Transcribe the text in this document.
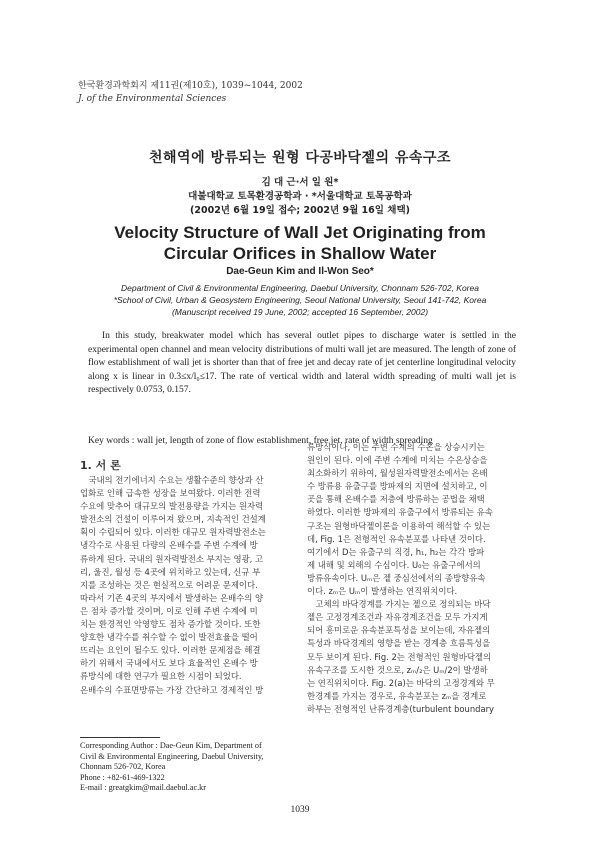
한국환경과학회지 제11권(제10호), 1039~1044, 2002
J. of the Environmental Sciences
천해역에 방류되는 원형 다공바닥젵의 유속구조
김 대 근·서 일 원*
대불대학교 토목환경공학과 · *서울대학교 토목공학과
(2002년 6월 19일 접수; 2002년 9월 16일 채택)
Velocity Structure of Wall Jet Originating from
Circular Orifices in Shallow Water
Dae-Geun Kim and Il-Won Seo*
Department of Civil & Environmental Engineering, Daebul University, Chonnam 526-702, Korea
*School of Civil, Urban & Geosystem Engineering, Seoul National University, Seoul 141-742, Korea
(Manuscript received 19 June, 2002; accepted 16 September, 2002)
In this study, breakwater model which has several outlet pipes to discharge water is settled in the experimental open channel and mean velocity distributions of multi wall jet are measured. The length of zone of flow establishment of wall jet is shorter than that of free jet and decay rate of jet centerline longitudinal velocity along x is linear in 0.3≤x/l₀≤17. The rate of vertical width and lateral width spreading of multi wall jet is respectively 0.0753, 0.157.
Key words : wall jet, length of zone of flow establishment, free jet, rate of width spreading
1. 서 론
　국내의 전기에너지 수요는 생활수준의 향상과 산
업화로 인해 급속한 성장을 보여왔다. 이러한 전력
수요에 맞추어 대규모의 발전용량을 가지는 원자력
발전소의 건설이 이루어져 왔으며, 지속적인 건설계
획이 수립되어 있다. 이러한 대규모 원자력발전소는
냉각수로 사용된 다량의 온배수를 주변 수계에 방
류하게 된다. 국내의 원자력발전소 부지는 영광, 고
리, 울진, 월성 등 4곳에 위치하고 있는데, 신규 부
지를 조성하는 것은 현실적으로 어려운 문제이다.
따라서 기존 4곳의 부지에서 발생하는 온배수의 양
은 점차 증가할 것이며, 이로 인해 주변 수계에 미
치는 환경적인 악영향도 점차 증가할 것이다. 또한
양호한 냉각수를 취수할 수 없이 발전효율을 떨어
뜨리는 요인이 될수도 있다. 이러한 문제점을 해결
하기 위해서 국내에서도 보다 효율적인 온배수 방
류방식에 대한 연구가 필요한 시점이 되었다.
온배수의 수표면방류는 가장 간단하고 경제적인 방
류방식이나, 이는 주변 수계의 수온을 상승시키는
원인이 된다. 이에 주변 수계에 미치는 수온상승을
최소화하기 위하여, 월성원자력발전소에서는 온배
수 방류용 유출구를 방파제의 지면에 설치하고, 이
곳을 통해 온배수를 저층에 방류하는 공법을 채택
하였다. 이러한 방파제의 유출구에서 방류되는 유속
구조는 원형바닥젵이론을 이용하여 해석할 수 있는
데, Fig. 1은 전형적인 유속분포를 나타낸 것이다.
여기에서 D는 유출구의 직경, h₁, h₂는 각각 방파
제 내해 및 외해의 수심이다. U₀는 유출구에서의
방류유속이다. Uₘ은 젵 중심선에서의 종방향유속
이다. zₘ은 Uₘ이 발생하는 연직위치이다.
　고체의 바닥경계를 가지는 젵으로 정의되는 바닥
젵은 고정경계조건과 자유경계조건을 모두 가지게
되어 흥미로운 유속분포특성을 보이는데, 자유젵의
특성과 바닥경계의 영향을 받는 경계층 흐름특성을
모두 보이게 된다. Fig. 2는 전형적인 원형바닥젵의
유속구조를 도시한 것으로, zₘ/₂은 Uₘ/2이 발생하
는 연직위치이다. Fig. 2(a)는 바닥의 고정경계와 무
한경계를 가지는 경우로, 유속분포는 zₘ을 경계로
하부는 전형적인 난류경계층(turbulent boundary
Corresponding Author : Dae-Geun Kim, Department of
Civil & Environmental Engineering, Daebul University,
Chonnam 526-702, Korea
Phone : +82-61-469-1322
E-mail : greatgkim@mail.daebul.ac.kr
1039
